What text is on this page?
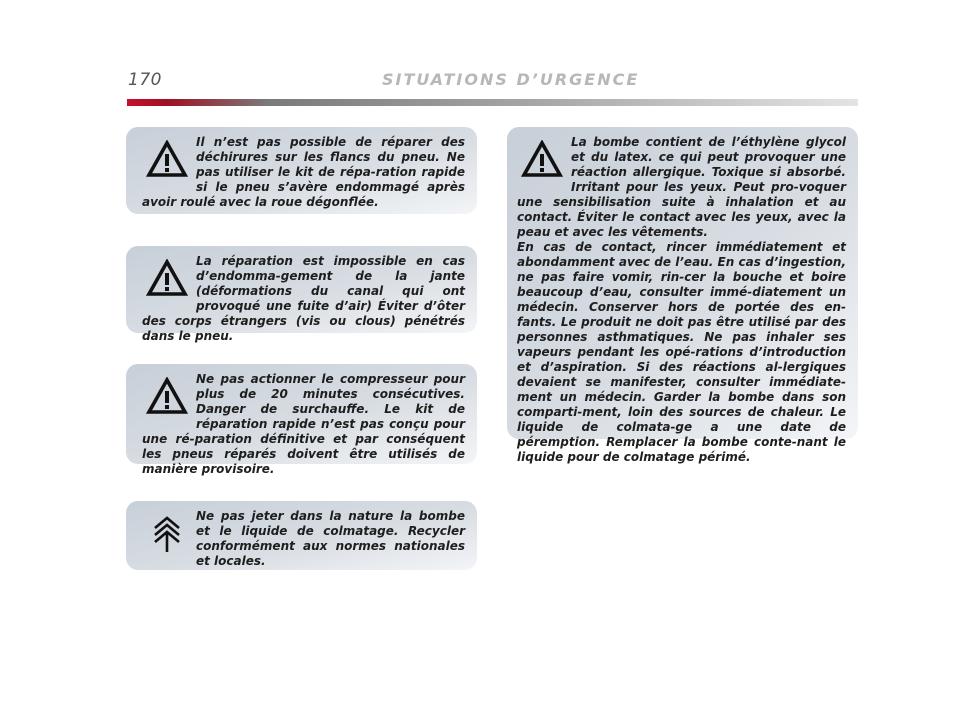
170	SITUATIONS D’URGENCE

Il n’est pas possible de réparer des déchirures sur les flancs du pneu. Ne pas utiliser le kit de répa-ration rapide si le pneu s’avère endommagé après avoir roulé avec la roue dégonflée.

La réparation est impossible en cas d’endomma-gement de la jante (déformations du canal qui ont provoqué une fuite d’air) Éviter d’ôter des corps étrangers (vis ou clous) pénétrés dans le pneu.

Ne pas actionner le compresseur pour plus de 20 minutes consécutives. Danger de surchauffe. Le kit de réparation rapide n’est pas conçu pour une ré-paration définitive et par conséquent les pneus réparés doivent être utilisés de manière provisoire.

Ne pas jeter dans la nature la bombe et le liquide de colmatage. Recycler conformément aux normes nationales et locales.

La bombe contient de l’éthylène glycol et du latex. ce qui peut provoquer une réaction allergique. Toxique si absorbé. Irritant pour les yeux. Peut pro-voquer une sensibilisation suite à inhalation et au contact. Éviter le contact avec les yeux, avec la peau et avec les vêtements.

En cas de contact, rincer immédiatement et abondamment avec de l’eau. En cas d’ingestion, ne pas faire vomir, rin-cer la bouche et boire beaucoup d’eau, consulter immé-diatement un médecin. Conserver hors de portée des en-fants. Le produit ne doit pas être utilisé par des personnes asthmatiques. Ne pas inhaler ses vapeurs pendant les opé-rations d’introduction et d’aspiration. Si des réactions al-lergiques devaient se manifester, consulter immédiate-ment un médecin. Garder la bombe dans son comparti-ment, loin des sources de chaleur. Le liquide de colmata-ge a une date de péremption. Remplacer la bombe conte-nant le liquide pour de colmatage périmé.
